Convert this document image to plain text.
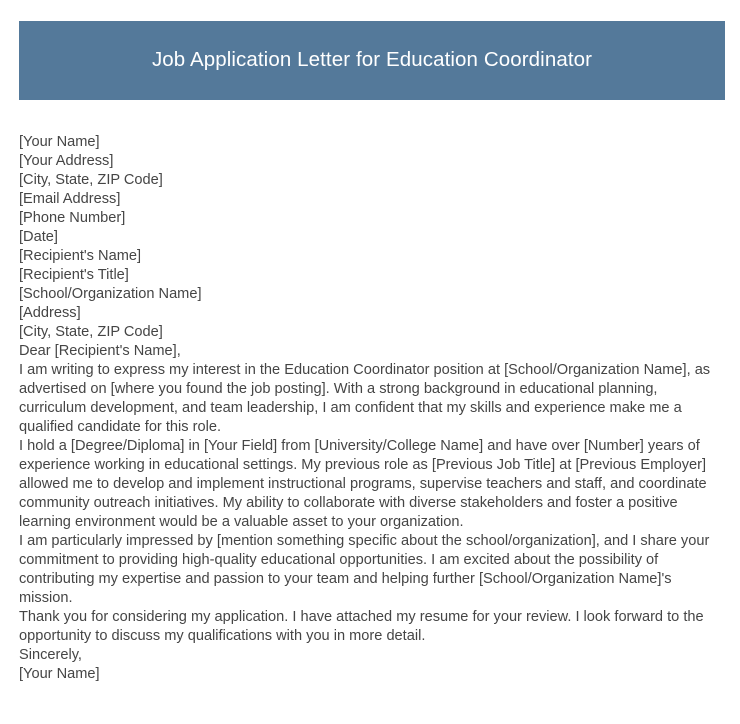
Job Application Letter for Education Coordinator
[Your Name]
[Your Address]
[City, State, ZIP Code]
[Email Address]
[Phone Number]
[Date]
[Recipient's Name]
[Recipient's Title]
[School/Organization Name]
[Address]
[City, State, ZIP Code]
Dear [Recipient's Name],

I am writing to express my interest in the Education Coordinator position at [School/Organization Name], as advertised on [where you found the job posting]. With a strong background in educational planning, curriculum development, and team leadership, I am confident that my skills and experience make me a qualified candidate for this role.

I hold a [Degree/Diploma] in [Your Field] from [University/College Name] and have over [Number] years of experience working in educational settings. My previous role as [Previous Job Title] at [Previous Employer] allowed me to develop and implement instructional programs, supervise teachers and staff, and coordinate community outreach initiatives. My ability to collaborate with diverse stakeholders and foster a positive learning environment would be a valuable asset to your organization.

I am particularly impressed by [mention something specific about the school/organization], and I share your commitment to providing high-quality educational opportunities. I am excited about the possibility of contributing my expertise and passion to your team and helping further [School/Organization Name]'s mission.

Thank you for considering my application. I have attached my resume for your review. I look forward to the opportunity to discuss my qualifications with you in more detail.

Sincerely,
[Your Name]
